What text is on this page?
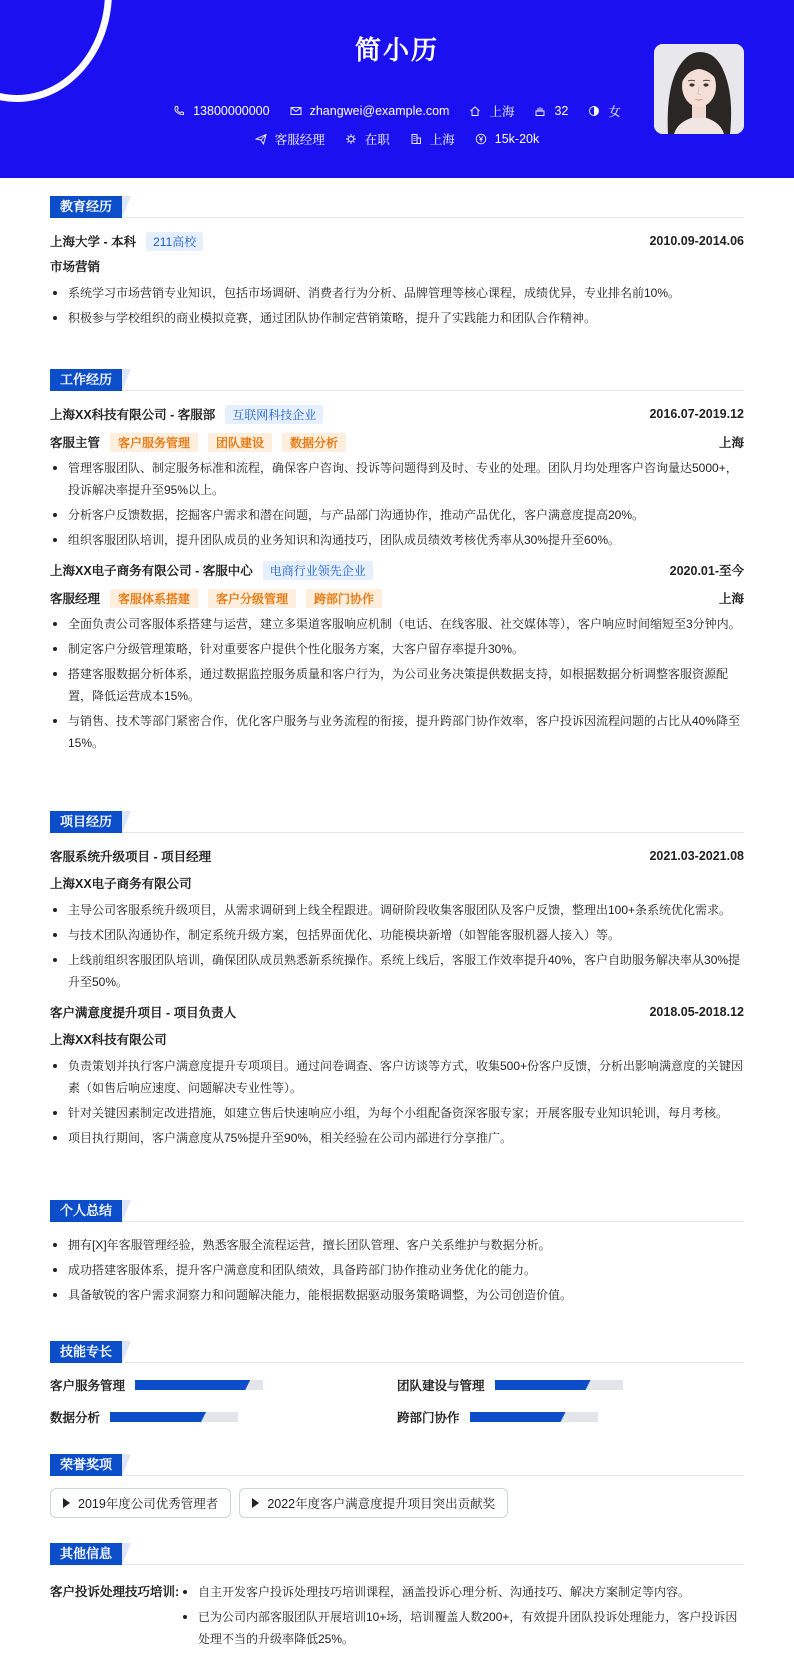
简小历
13800000000	zhangwei@example.com	上海	32	女
客服经理	在职	上海	15k-20k
教育经历
上海大学 - 本科	211高校	2010.09-2014.06
市场营销
系统学习市场营销专业知识，包括市场调研、消费者行为分析、品牌管理等核心课程，成绩优异，专业排名前10%。
积极参与学校组织的商业模拟竞赛，通过团队协作制定营销策略，提升了实践能力和团队合作精神。
工作经历
上海XX科技有限公司 - 客服部	互联网科技企业	2016.07-2019.12
客服主管	客户服务管理	团队建设	数据分析	上海
管理客服团队、制定服务标准和流程，确保客户咨询、投诉等问题得到及时、专业的处理。团队月均处理客户咨询量达5000+，投诉解决率提升至95%以上。
分析客户反馈数据，挖掘客户需求和潜在问题，与产品部门沟通协作，推动产品优化，客户满意度提高20%。
组织客服团队培训，提升团队成员的业务知识和沟通技巧，团队成员绩效考核优秀率从30%提升至60%。
上海XX电子商务有限公司 - 客服中心	电商行业领先企业	2020.01-至今
客服经理	客服体系搭建	客户分级管理	跨部门协作	上海
全面负责公司客服体系搭建与运营，建立多渠道客服响应机制（电话、在线客服、社交媒体等），客户响应时间缩短至3分钟内。
制定客户分级管理策略，针对重要客户提供个性化服务方案，大客户留存率提升30%。
搭建客服数据分析体系，通过数据监控服务质量和客户行为，为公司业务决策提供数据支持，如根据数据分析调整客服资源配置，降低运营成本15%。
与销售、技术等部门紧密合作，优化客户服务与业务流程的衔接，提升跨部门协作效率，客户投诉因流程问题的占比从40%降至15%。
项目经历
客服系统升级项目 - 项目经理	2021.03-2021.08
上海XX电子商务有限公司
主导公司客服系统升级项目，从需求调研到上线全程跟进。调研阶段收集客服团队及客户反馈，整理出100+条系统优化需求。
与技术团队沟通协作，制定系统升级方案，包括界面优化、功能模块新增（如智能客服机器人接入）等。
上线前组织客服团队培训，确保团队成员熟悉新系统操作。系统上线后，客服工作效率提升40%，客户自助服务解决率从30%提升至50%。
客户满意度提升项目 - 项目负责人	2018.05-2018.12
上海XX科技有限公司
负责策划并执行客户满意度提升专项项目。通过问卷调查、客户访谈等方式，收集500+份客户反馈，分析出影响满意度的关键因素（如售后响应速度、问题解决专业性等）。
针对关键因素制定改进措施，如建立售后快速响应小组，为每个小组配备资深客服专家；开展客服专业知识轮训，每月考核。
项目执行期间，客户满意度从75%提升至90%，相关经验在公司内部进行分享推广。
个人总结
拥有[X]年客服管理经验，熟悉客服全流程运营，擅长团队管理、客户关系维护与数据分析。
成功搭建客服体系，提升客户满意度和团队绩效，具备跨部门协作推动业务优化的能力。
具备敏锐的客户需求洞察力和问题解决能力，能根据数据驱动服务策略调整，为公司创造价值。
技能专长
客户服务管理	团队建设与管理
数据分析	跨部门协作
荣誉奖项
2019年度公司优秀管理者	2022年度客户满意度提升项目突出贡献奖
其他信息
客户投诉处理技巧培训:	自主开发客户投诉处理技巧培训课程，涵盖投诉心理分析、沟通技巧、解决方案制定等内容。
已为公司内部客服团队开展培训10+场，培训覆盖人数200+，有效提升团队投诉处理能力，客户投诉因处理不当的升级率降低25%。
